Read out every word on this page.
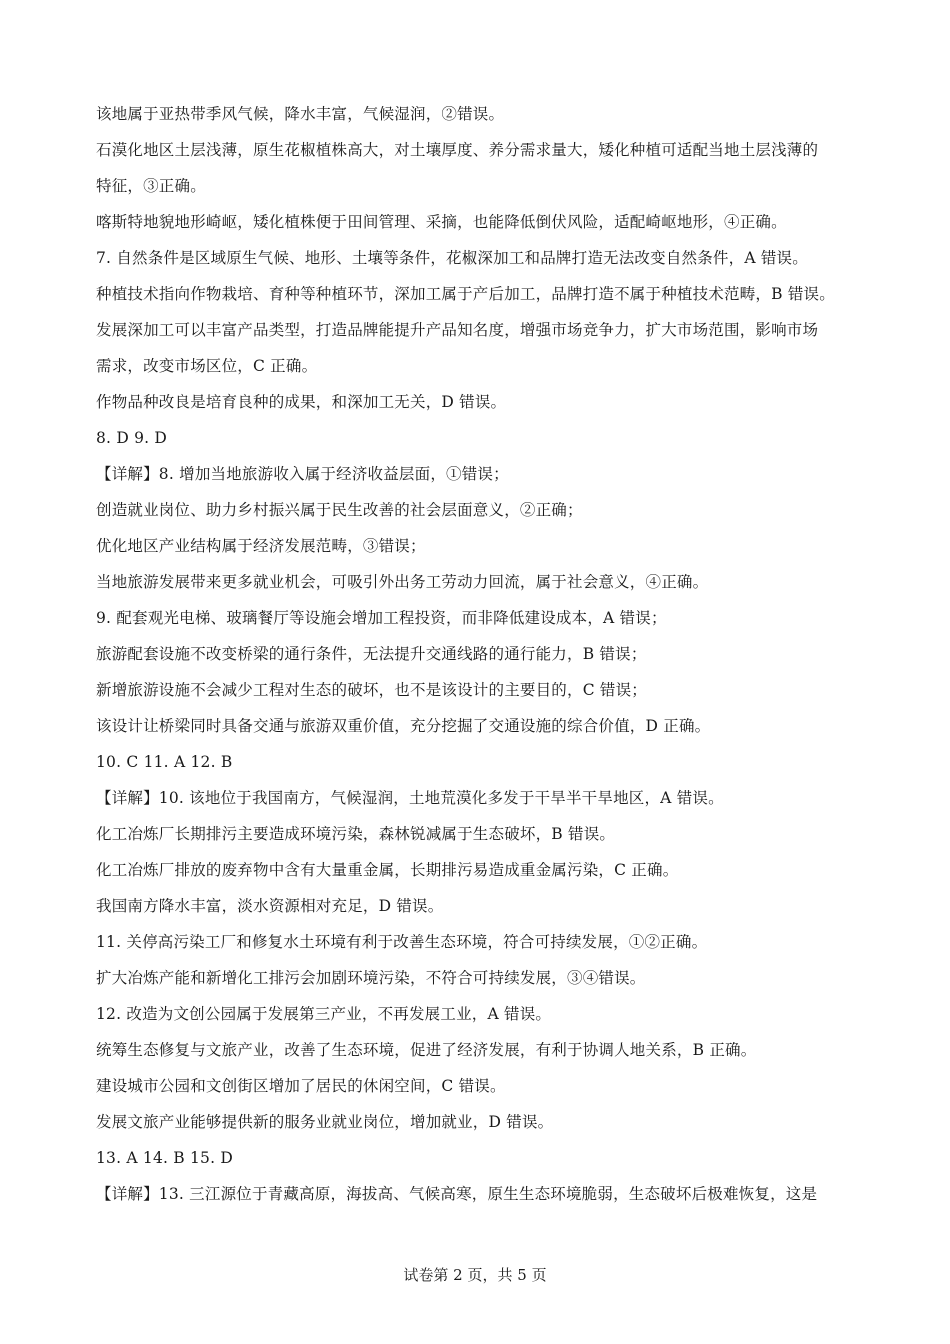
该地属于亚热带季风气候，降水丰富，气候湿润，②错误。
石漠化地区土层浅薄，原生花椒植株高大，对土壤厚度、养分需求量大，矮化种植可适配当地土层浅薄的
特征，③正确。
喀斯特地貌地形崎岖，矮化植株便于田间管理、采摘，也能降低倒伏风险，适配崎岖地形，④正确。
7. 自然条件是区域原生气候、地形、土壤等条件，花椒深加工和品牌打造无法改变自然条件，A 错误。
种植技术指向作物栽培、育种等种植环节，深加工属于产后加工，品牌打造不属于种植技术范畴，B 错误。
发展深加工可以丰富产品类型，打造品牌能提升产品知名度，增强市场竞争力，扩大市场范围，影响市场
需求，改变市场区位，C 正确。
作物品种改良是培育良种的成果，和深加工无关，D 错误。
8. D 9. D
【详解】8. 增加当地旅游收入属于经济收益层面，①错误；
创造就业岗位、助力乡村振兴属于民生改善的社会层面意义，②正确；
优化地区产业结构属于经济发展范畴，③错误；
当地旅游发展带来更多就业机会，可吸引外出务工劳动力回流，属于社会意义，④正确。
9. 配套观光电梯、玻璃餐厅等设施会增加工程投资，而非降低建设成本，A 错误；
旅游配套设施不改变桥梁的通行条件，无法提升交通线路的通行能力，B 错误；
新增旅游设施不会减少工程对生态的破坏，也不是该设计的主要目的，C 错误；
该设计让桥梁同时具备交通与旅游双重价值，充分挖掘了交通设施的综合价值，D 正确。
10. C 11. A 12. B
【详解】10. 该地位于我国南方，气候湿润，土地荒漠化多发于干旱半干旱地区，A 错误。
化工冶炼厂长期排污主要造成环境污染，森林锐减属于生态破坏，B 错误。
化工冶炼厂排放的废弃物中含有大量重金属，长期排污易造成重金属污染，C 正确。
我国南方降水丰富，淡水资源相对充足，D 错误。
11. 关停高污染工厂和修复水土环境有利于改善生态环境，符合可持续发展，①②正确。
扩大冶炼产能和新增化工排污会加剧环境污染，不符合可持续发展，③④错误。
12. 改造为文创公园属于发展第三产业，不再发展工业，A 错误。
统筹生态修复与文旅产业，改善了生态环境，促进了经济发展，有利于协调人地关系，B 正确。
建设城市公园和文创街区增加了居民的休闲空间，C 错误。
发展文旅产业能够提供新的服务业就业岗位，增加就业，D 错误。
13. A 14. B 15. D
【详解】13. 三江源位于青藏高原，海拔高、气候高寒，原生生态环境脆弱，生态破坏后极难恢复，这是
试卷第 2 页，共 5 页
